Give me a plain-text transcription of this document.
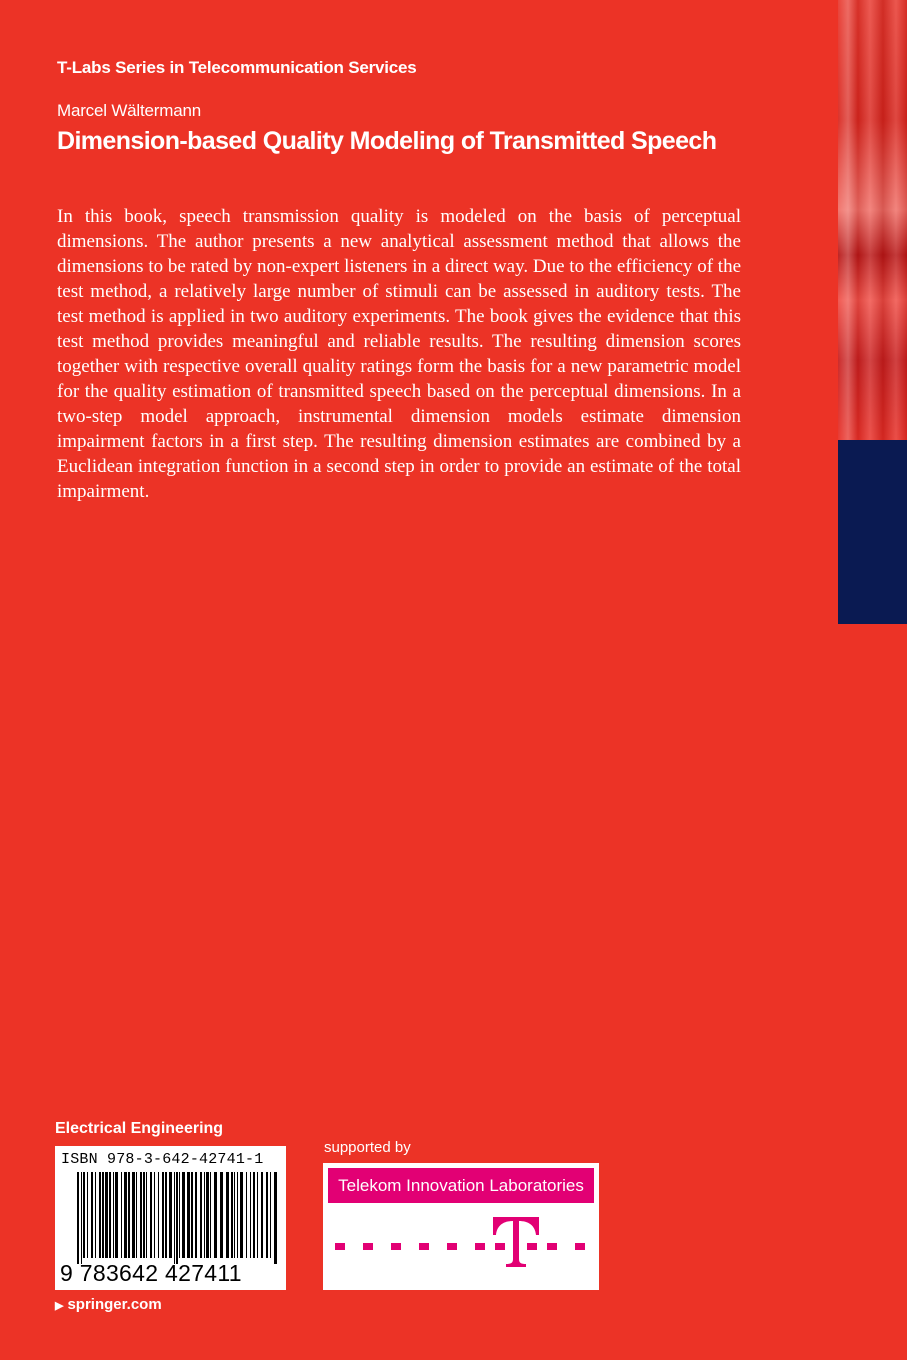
T-Labs Series in Telecommunication Services
Marcel Wältermann
Dimension-based Quality Modeling of Transmitted Speech

In this book, speech transmission quality is modeled on the basis of perceptual dimensions. The author presents a new analytical assessment method that allows the dimensions to be rated by non-expert listeners in a direct way. Due to the efficiency of the test method, a relatively large number of stimuli can be assessed in auditory tests. The test method is applied in two auditory experiments. The book gives the evidence that this test method provides meaningful and reliable results. The resulting dimension scores together with respective overall quality ratings form the basis for a new parametric model for the quality estimation of transmitted speech based on the perceptual dimensions. In a two-step model approach, instrumental dimension models estimate dimension impairment factors in a first step. The resulting dimension estimates are combined by a Euclidean integration function in a second step in order to provide an estimate of the total impairment.

Electrical Engineering
ISBN 978-3-642-42741-1
9 783642 427411
▶ springer.com
supported by
Telekom Innovation Laboratories
